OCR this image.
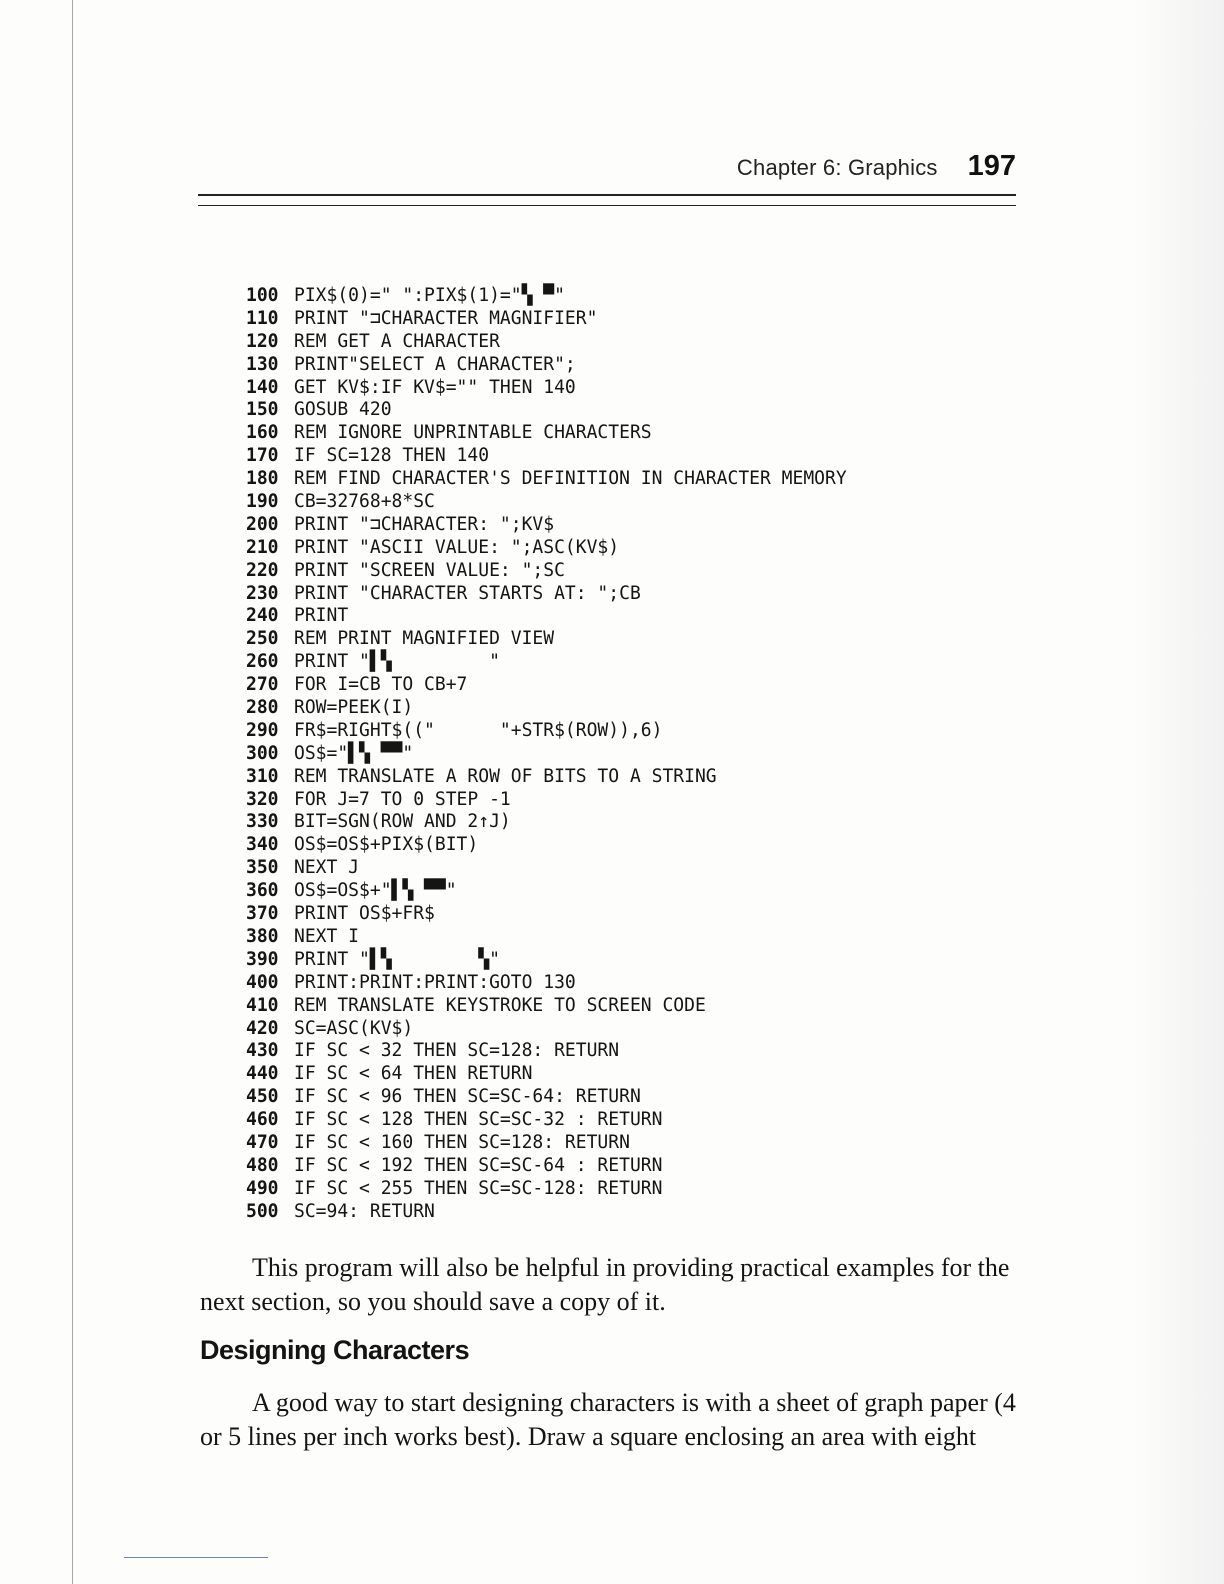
Chapter 6: Graphics 197
100 PIX$(0)=" ":PIX$(1)="▚ ▀"
110 PRINT "⊐CHARACTER MAGNIFIER"
120 REM GET A CHARACTER
130 PRINT"SELECT A CHARACTER";
140 GET KV$:IF KV$="" THEN 140
150 GOSUB 420
160 REM IGNORE UNPRINTABLE CHARACTERS
170 IF SC=128 THEN 140
180 REM FIND CHARACTER'S DEFINITION IN CHARACTER MEMORY
190 CB=32768+8*SC
200 PRINT "⊐CHARACTER: ";KV$
210 PRINT "ASCII VALUE: ";ASC(KV$)
220 PRINT "SCREEN VALUE: ";SC
230 PRINT "CHARACTER STARTS AT: ";CB
240 PRINT
250 REM PRINT MAGNIFIED VIEW
260 PRINT "▌▚         "
270 FOR I=CB TO CB+7
280 ROW=PEEK(I)
290 FR$=RIGHT$(("      "+STR$(ROW)),6)
300 OS$="▌▚ ▀▀"
310 REM TRANSLATE A ROW OF BITS TO A STRING
320 FOR J=7 TO 0 STEP -1
330 BIT=SGN(ROW AND 2↑J)
340 OS$=OS$+PIX$(BIT)
350 NEXT J
360 OS$=OS$+"▌▚ ▀▀"
370 PRINT OS$+FR$
380 NEXT I
390 PRINT "▌▚        ▚"
400 PRINT:PRINT:PRINT:GOTO 130
410 REM TRANSLATE KEYSTROKE TO SCREEN CODE
420 SC=ASC(KV$)
430 IF SC < 32 THEN SC=128: RETURN
440 IF SC < 64 THEN RETURN
450 IF SC < 96 THEN SC=SC-64: RETURN
460 IF SC < 128 THEN SC=SC-32 : RETURN
470 IF SC < 160 THEN SC=128: RETURN
480 IF SC < 192 THEN SC=SC-64 : RETURN
490 IF SC < 255 THEN SC=SC-128: RETURN
500 SC=94: RETURN

This program will also be helpful in providing practical examples for the next section, so you should save a copy of it.

Designing Characters

A good way to start designing characters is with a sheet of graph paper (4 or 5 lines per inch works best). Draw a square enclosing an area with eight
